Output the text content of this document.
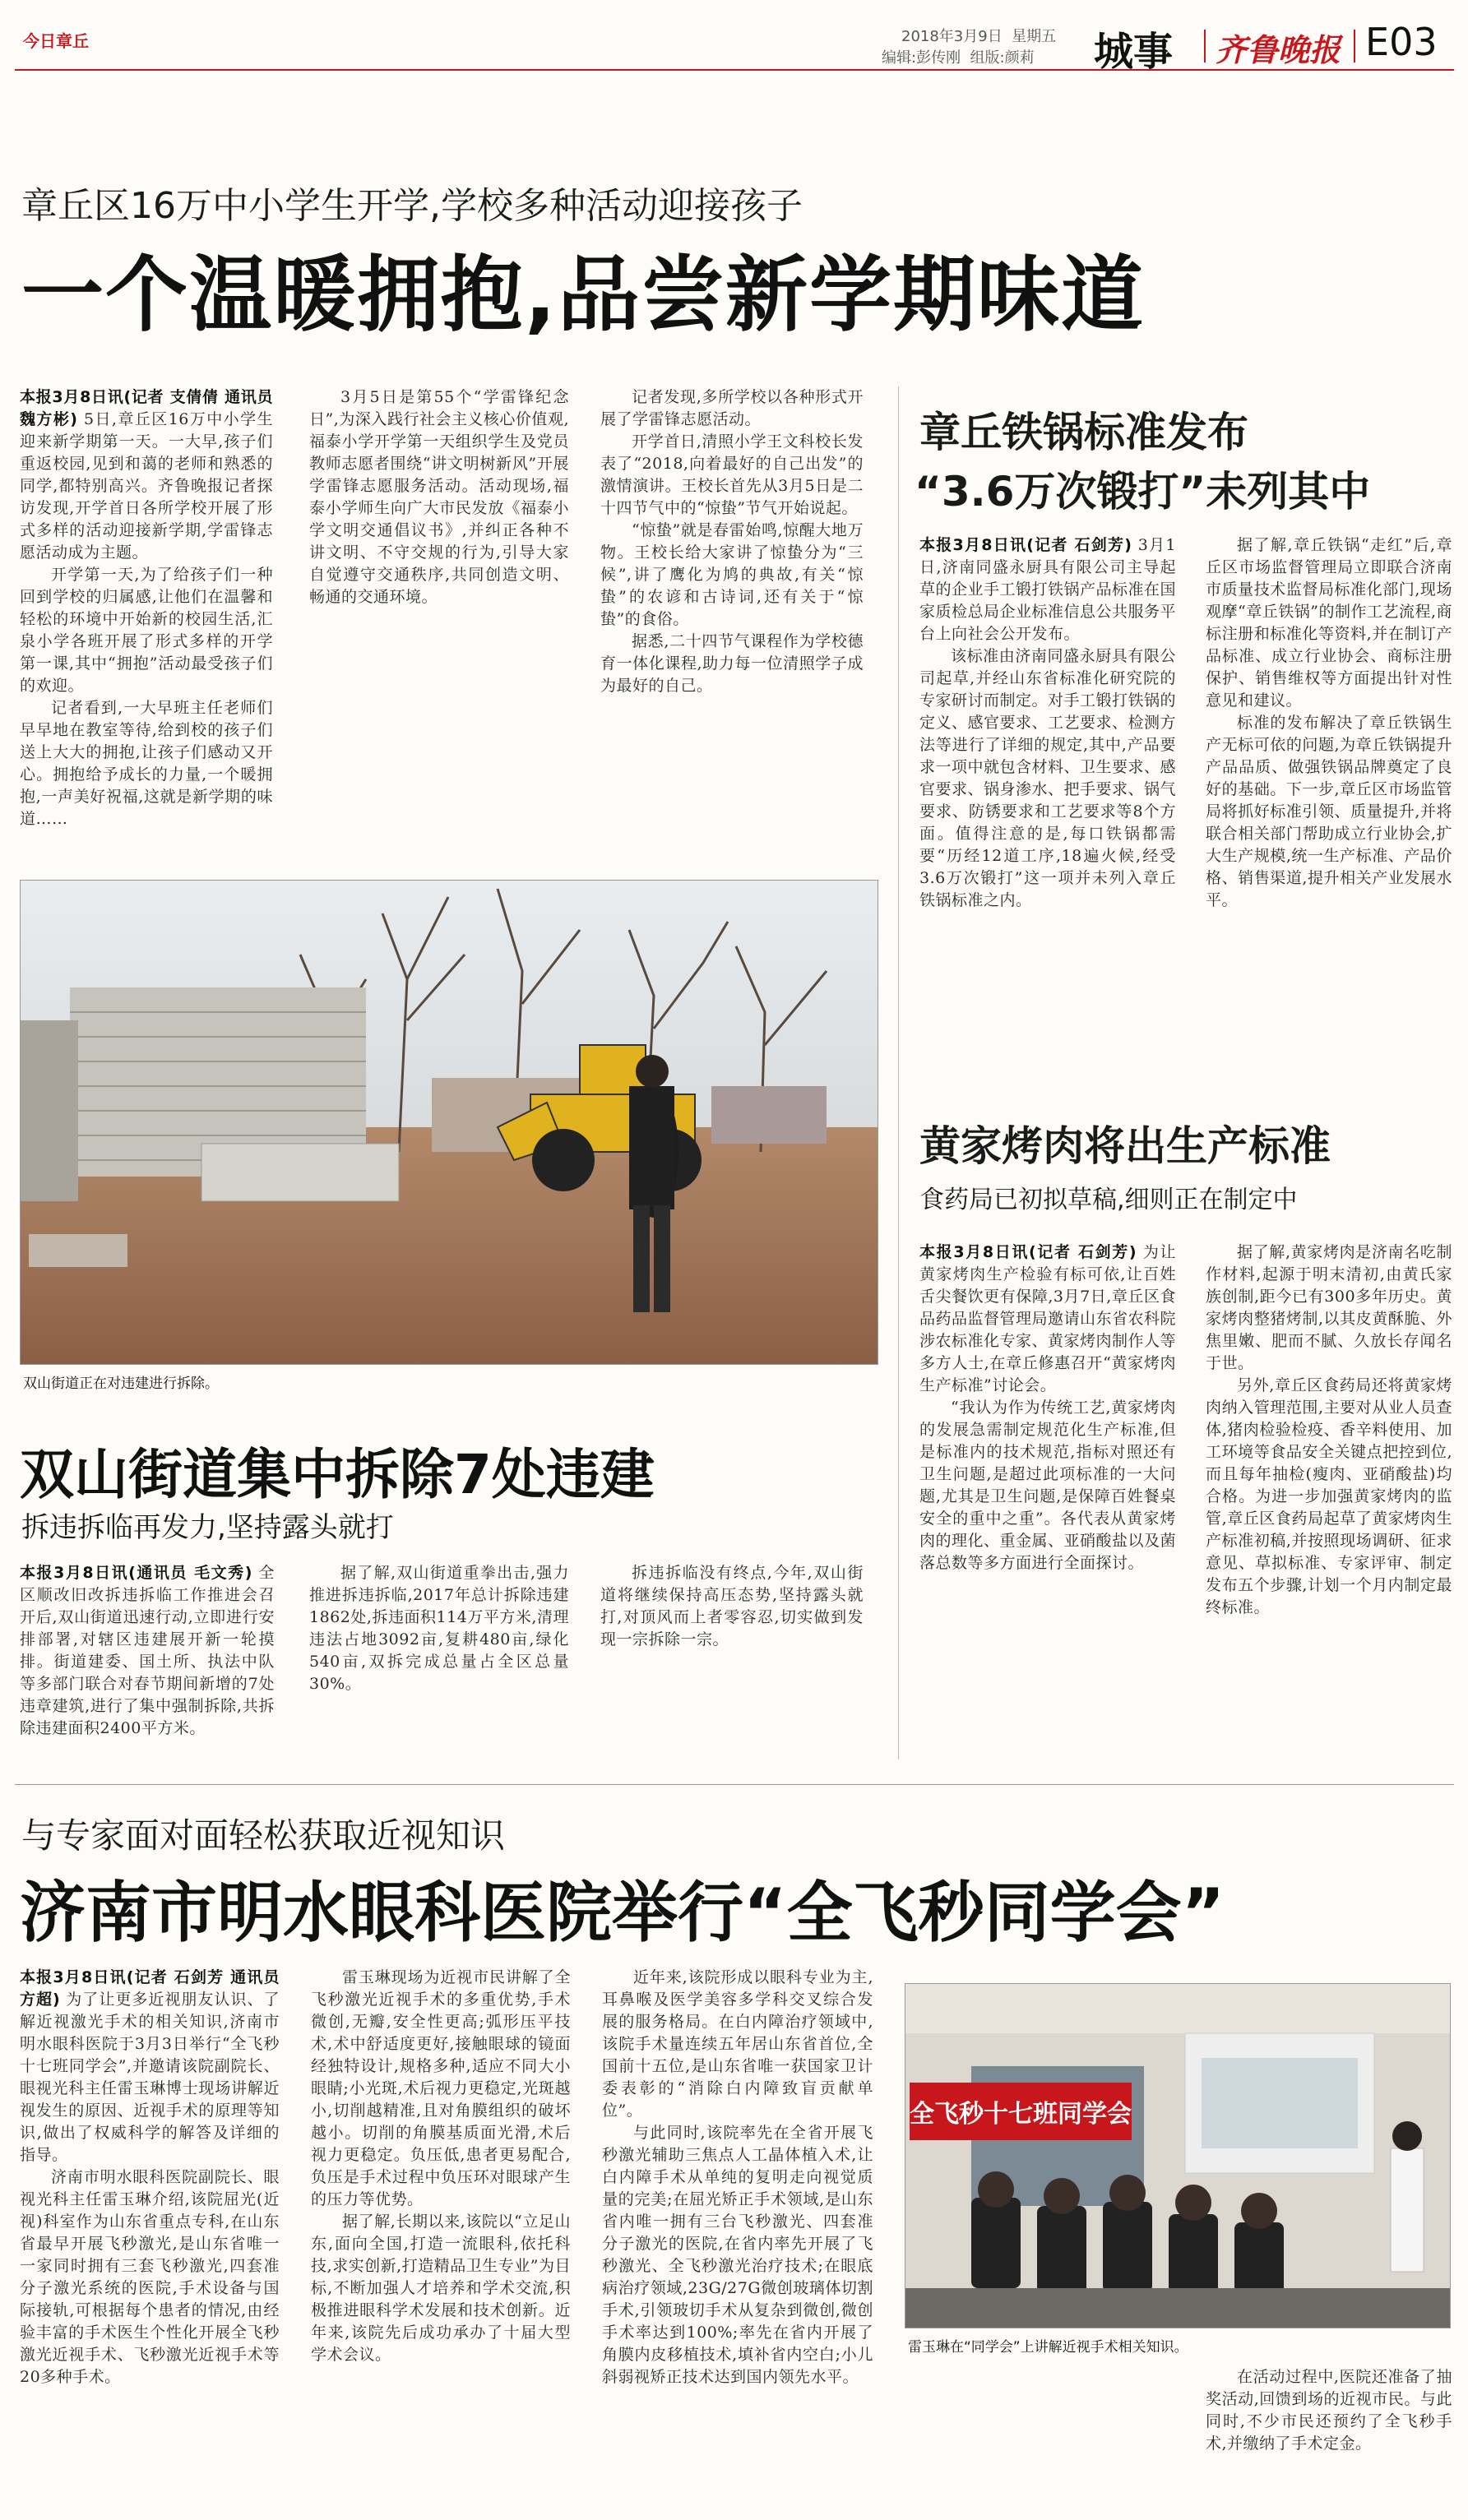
今日章丘	2018年3月9日 星期五
编辑:彭传刚 组版:颜莉 城事 齐鲁晚报 E03
章丘区16万中小学生开学,学校多种活动迎接孩子
一个温暖拥抱,品尝新学期味道

本报3月8日讯(记者 支倩倩 通讯员 魏方彬) 5日,章丘区16万中小学生迎来新学期第一天。一大早,孩子们重返校园,见到和蔼的老师和熟悉的同学,都特别高兴。齐鲁晚报记者探访发现,开学首日各所学校开展了形式多样的活动迎接新学期,学雷锋志愿活动成为主题。

开学第一天,为了给孩子们一种回到学校的归属感,让他们在温馨和轻松的环境中开始新的校园生活,汇泉小学各班开展了形式多样的开学第一课,其中“拥抱”活动最受孩子们的欢迎。

记者看到,一大早班主任老师们早早地在教室等待,给到校的孩子们送上大大的拥抱,让孩子们感动又开心。拥抱给予成长的力量,一个暖拥抱,一声美好祝福,这就是新学期的味道……

3月5日是第55个“学雷锋纪念日”,为深入践行社会主义核心价值观,福泰小学开学第一天组织学生及党员教师志愿者围绕“讲文明树新风”开展学雷锋志愿服务活动。活动现场,福泰小学师生向广大市民发放《福泰小学文明交通倡议书》,并纠正各种不讲文明、不守交规的行为,引导大家自觉遵守交通秩序,共同创造文明、畅通的交通环境。

记者发现,多所学校以各种形式开展了学雷锋志愿活动。

开学首日,清照小学王文科校长发表了“2018,向着最好的自己出发”的激情演讲。王校长首先从3月5日是二十四节气中的“惊蛰”节气开始说起。

“惊蛰”就是春雷始鸣,惊醒大地万物。王校长给大家讲了惊蛰分为“三候”,讲了鹰化为鸠的典故,有关“惊蛰”的农谚和古诗词,还有关于“惊蛰”的食俗。

据悉,二十四节气课程作为学校德育一体化课程,助力每一位清照学子成为最好的自己。

章丘铁锅标准发布
“3.6万次锻打”未列其中

本报3月8日讯(记者 石剑芳) 3月1日,济南同盛永厨具有限公司主导起草的企业手工锻打铁锅产品标准在国家质检总局企业标准信息公共服务平台上向社会公开发布。

该标准由济南同盛永厨具有限公司起草,并经山东省标准化研究院的专家研讨而制定。对手工锻打铁锅的定义、感官要求、工艺要求、检测方法等进行了详细的规定,其中,产品要求一项中就包含材料、卫生要求、感官要求、锅身渗水、把手要求、锅气要求、防锈要求和工艺要求等8个方面。值得注意的是,每口铁锅都需要“历经12道工序,18遍火候,经受3.6万次锻打”这一项并未列入章丘铁锅标准之内。

据了解,章丘铁锅“走红”后,章丘区市场监督管理局立即联合济南市质量技术监督局标准化部门,现场观摩“章丘铁锅”的制作工艺流程,商标注册和标准化等资料,并在制订产品标准、成立行业协会、商标注册保护、销售维权等方面提出针对性意见和建议。

标准的发布解决了章丘铁锅生产无标可依的问题,为章丘铁锅提升产品品质、做强铁锅品牌奠定了良好的基础。下一步,章丘区市场监管局将抓好标准引领、质量提升,并将联合相关部门帮助成立行业协会,扩大生产规模,统一生产标准、产品价格、销售渠道,提升相关产业发展水平。

双山街道正在对违建进行拆除。
双山街道集中拆除7处违建
拆违拆临再发力,坚持露头就打

本报3月8日讯(通讯员 毛文秀) 全区顺改旧改拆违拆临工作推进会召开后,双山街道迅速行动,立即进行安排部署,对辖区违建展开新一轮摸排。街道建委、国土所、执法中队等多部门联合对春节期间新增的7处违章建筑,进行了集中强制拆除,共拆除违建面积2400平方米。

据了解,双山街道重拳出击,强力推进拆违拆临,2017年总计拆除违建1862处,拆违面积114万平方米,清理违法占地3092亩,复耕480亩,绿化540亩,双拆完成总量占全区总量30%。

拆违拆临没有终点,今年,双山街道将继续保持高压态势,坚持露头就打,对顶风而上者零容忍,切实做到发现一宗拆除一宗。

黄家烤肉将出生产标准
食药局已初拟草稿,细则正在制定中

本报3月8日讯(记者 石剑芳) 为让黄家烤肉生产检验有标可依,让百姓舌尖餐饮更有保障,3月7日,章丘区食品药品监督管理局邀请山东省农科院涉农标准化专家、黄家烤肉制作人等多方人士,在章丘修惠召开“黄家烤肉生产标准”讨论会。

“我认为作为传统工艺,黄家烤肉的发展急需制定规范化生产标准,但是标准内的技术规范,指标对照还有卫生问题,是超过此项标准的一大问题,尤其是卫生问题,是保障百姓餐桌安全的重中之重”。各代表从黄家烤肉的理化、重金属、亚硝酸盐以及菌落总数等多方面进行全面探讨。

据了解,黄家烤肉是济南名吃制作材料,起源于明末清初,由黄氏家族创制,距今已有300多年历史。黄家烤肉整猪烤制,以其皮黄酥脆、外焦里嫩、肥而不腻、久放长存闻名于世。

另外,章丘区食药局还将黄家烤肉纳入管理范围,主要对从业人员查体,猪肉检验检疫、香辛料使用、加工环境等食品安全关键点把控到位,而且每年抽检(瘦肉、亚硝酸盐)均合格。为进一步加强黄家烤肉的监管,章丘区食药局起草了黄家烤肉生产标准初稿,并按照现场调研、征求意见、草拟标准、专家评审、制定发布五个步骤,计划一个月内制定最终标准。

与专家面对面轻松获取近视知识
济南市明水眼科医院举行“全飞秒同学会”

本报3月8日讯(记者 石剑芳 通讯员 方超) 为了让更多近视朋友认识、了解近视激光手术的相关知识,济南市明水眼科医院于3月3日举行“全飞秒十七班同学会”,并邀请该院副院长、眼视光科主任雷玉琳博士现场讲解近视发生的原因、近视手术的原理等知识,做出了权威科学的解答及详细的指导。

济南市明水眼科医院副院长、眼视光科主任雷玉琳介绍,该院屈光(近视)科室作为山东省重点专科,在山东省最早开展飞秒激光,是山东省唯一一家同时拥有三套飞秒激光,四套准分子激光系统的医院,手术设备与国际接轨,可根据每个患者的情况,由经验丰富的手术医生个性化开展全飞秒激光近视手术、飞秒激光近视手术等20多种手术。

雷玉琳现场为近视市民讲解了全飞秒激光近视手术的多重优势,手术微创,无瓣,安全性更高;弧形压平技术,术中舒适度更好,接触眼球的镜面经独特设计,规格多种,适应不同大小眼睛;小光斑,术后视力更稳定,光斑越小,切削越精准,且对角膜组织的破坏越小。切削的角膜基质面光滑,术后视力更稳定。负压低,患者更易配合,负压是手术过程中负压环对眼球产生的压力等优势。

据了解,长期以来,该院以“立足山东,面向全国,打造一流眼科,依托科技,求实创新,打造精品卫生专业”为目标,不断加强人才培养和学术交流,积极推进眼科学术发展和技术创新。近年来,该院先后成功承办了十届大型学术会议。

近年来,该院形成以眼科专业为主,耳鼻喉及医学美容多学科交叉综合发展的服务格局。在白内障治疗领域中,该院手术量连续五年居山东省首位,全国前十五位,是山东省唯一获国家卫计委表彰的“消除白内障致盲贡献单位”。

与此同时,该院率先在全省开展飞秒激光辅助三焦点人工晶体植入术,让白内障手术从单纯的复明走向视觉质量的完美;在屈光矫正手术领域,是山东省内唯一拥有三台飞秒激光、四套准分子激光的医院,在省内率先开展了飞秒激光、全飞秒激光治疗技术;在眼底病治疗领域,23G/27G微创玻璃体切割手术,引领玻切手术从复杂到微创,微创手术率达到100%;率先在省内开展了角膜内皮移植技术,填补省内空白;小儿斜弱视矫正技术达到国内领先水平。

全飞秒十七班同学会
雷玉琳在“同学会”上讲解近视手术相关知识。

在活动过程中,医院还准备了抽奖活动,回馈到场的近视市民。与此同时,不少市民还预约了全飞秒手术,并缴纳了手术定金。
